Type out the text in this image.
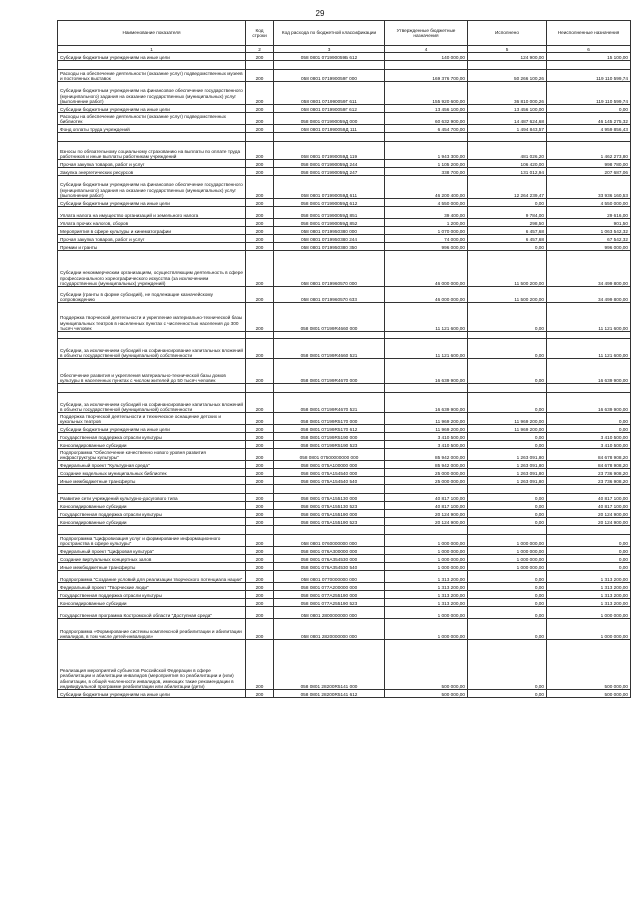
29
Наименование показателя	Код строки	Код расхода по бюджетной классификации	Утвержденные бюджетные назначения	Исполнено	Неисполненные назначения
1	2	3	4	5	6
Субсидии бюджетным учреждениям на иные цели	200	058 0801 071990059Б 612	140 000,00	124 900,00	15 100,00

Расходы на обеспечение деятельности (оказание услуг) подведомственных музеев и постоянных выставок	200	058 0801 071990059Г 000	169 376 700,00	50 266 100,26	119 110 599,74
Субсидии бюджетным учреждениям на финансовое обеспечение государственного (муниципального) задания на оказание государственных (муниципальных) услуг (выполнение работ)	200	058 0801 071990059Г 611	155 920 600,00	36 810 000,26	119 110 599,74
Субсидии бюджетным учреждениям на иные цели	200	058 0801 071990059Г 612	13 456 100,00	13 456 100,00	0,00
Расходы на обеспечение деятельности (оказание услуг) подведомственных библиотек	200	058 0801 071990059Д 000	60 632 900,00	14 487 624,68	46 145 275,32
Фонд оплаты труда учреждений	200	058 0801 071990059Д 111	6 454 700,00	1 494 843,57	4 959 856,43

Взносы по обязательному социальному страхованию на выплаты по оплате труда работников и иные выплаты работникам учреждений	200	058 0801 071990059Д 119	1 943 300,00	481 026,20	1 462 273,80
Прочая закупка товаров, работ и услуг	200	058 0801 071990059Д 244	1 105 200,00	106 420,00	998 780,00
Закупка энергетических ресурсов	200	058 0801 071990059Д 247	338 700,00	131 012,94	207 687,06
Субсидии бюджетным учреждениям на финансовое обеспечение государственного (муниципального) задания на оказание государственных (муниципальных) услуг (выполнение работ)	200	058 0801 071990059Д 611	46 200 400,00	12 264 239,47	33 936 160,53
Субсидии бюджетным учреждениям на иные цели	200	058 0801 071990059Д 612	4 550 000,00	0,00	4 550 000,00
Уплата налога на имущество организаций и земельного налога	200	058 0801 071990059Д 851	39 400,00	9 784,00	29 616,00
Уплата прочих налогов, сборов	200	058 0801 071990059Д 852	1 200,00	298,50	901,50
Мероприятия в сфере культуры и кинематографии	200	058 0801 0719950380 000	1 070 000,00	6 457,68	1 063 542,32
Прочая закупка товаров, работ и услуг	200	058 0801 0719950380 244	74 000,00	6 457,68	67 542,32
Премии и гранты	200	058 0801 0719950380 350	996 000,00	0,00	996 000,00
Субсидии некоммерческим организациям, осуществляющим деятельность в сфере профессионального хореографического искусства (за исключением государственных (муниципальных) учреждений)	200	058 0801 0719960570 000	46 000 000,00	11 500 200,00	34 499 800,00
Субсидии (гранты в форме субсидий), не подлежащие казначейскому сопровождению	200	058 0801 0719960570 633	46 000 000,00	11 500 200,00	34 499 800,00
Поддержка творческой деятельности и укрепление материально-технической базы муниципальных театров в населенных пунктах с численностью населения до 300 тысяч человек	200	058 0801 07199R4660 000	11 121 600,00	0,00	11 121 600,00

Субсидии, за исключением субсидий на софинансирование капитальных вложений в объекты государственной (муниципальной) собственности	200	058 0801 07199R4660 521	11 121 600,00	0,00	11 121 600,00
Обеспечение развития и укрепления материально-технической базы домов культуры в населенных пунктах с числом жителей до 50 тысяч человек	200	058 0801 07199R4670 000	16 639 900,00	0,00	16 639 900,00

Субсидии, за исключением субсидий на софинансирование капитальных вложений в объекты государственной (муниципальной) собственности	200	058 0801 07199R4670 521	16 639 900,00	0,00	16 639 900,00
Поддержка творческой деятельности и техническое оснащение детских и кукольных театров	200	058 0801 07199R5170 000	11 969 200,00	11 969 200,00	0,00
Субсидии бюджетным учреждениям на иные цели	200	058 0801 07199R5170 612	11 969 200,00	11 969 200,00	0,00
Государственная поддержка отрасли культуры	200	058 0801 07199R5190 000	3 410 500,00	0,00	3 410 500,00
Консолидированные субсидии	200	058 0801 07199R5190 523	3 410 500,00	0,00	3 410 500,00
Подпрограмма "Обеспечение качественно нового уровня развития инфраструктуры культуры"	200	058 0801 07500000000 000	85 942 000,00	1 263 091,80	84 678 908,20
Федеральный проект "Культурная среда"	200	058 0801 075A100000 000	85 942 000,00	1 263 091,80	84 678 908,20
Создание модельных муниципальных библиотек	200	058 0801 075A154540 000	25 000 000,00	1 263 091,80	23 736 908,20
Иные межбюджетные трансферты	200	058 0801 075A154540 540	25 000 000,00	1 263 091,80	23 736 908,20

Развитие сети учреждений культурно-досугового типа	200	058 0801 075A155130 000	40 817 100,00	0,00	40 817 100,00
Консолидированные субсидии	200	058 0801 075A155130 523	40 817 100,00	0,00	40 817 100,00
Государственная поддержка отрасли культуры	200	058 0801 075A155190 000	20 124 900,00	0,00	20 124 900,00
Консолидированные субсидии	200	058 0801 075A155190 523	20 124 900,00	0,00	20 124 900,00

Подпрограмма "Цифровизация услуг и формирование информационного пространства в сфере культуры"	200	058 0801 0760000000 000	1 000 000,00	1 000 000,00	0,00
Федеральный проект "Цифровая культура"	200	058 0801 076A300000 000	1 000 000,00	1 000 000,00	0,00
Создание виртуальных концертных залов	200	058 0801 076A354530 000	1 000 000,00	1 000 000,00	0,00
Иные межбюджетные трансферты	200	058 0801 076A354530 540	1 000 000,00	1 000 000,00	0,00
Подпрограмма "Создание условий для реализации творческого потенциала нации"	200	058 0801 0770000000 000	1 313 200,00	0,00	1 313 200,00
Федеральный проект "Творческие люди"	200	058 0801 077A200000 000	1 313 200,00	0,00	1 313 200,00
Государственная поддержка отрасли культуры	200	058 0801 077A255190 000	1 313 200,00	0,00	1 313 200,00
Консолидированные субсидии	200	058 0801 077A255190 523	1 313 200,00	0,00	1 313 200,00
Государственная программа Костромской области "Доступная среда"	200	058 0801 2800000000 000	1 000 000,00	0,00	1 000 000,00
Подпрограмма «Формирование системы комплексной реабилитации и абилитации инвалидов, в том числе детей-инвалидов»	200	058 0801 2820000000 000	1 000 000,00	0,00	1 000 000,00
Реализация мероприятий субъектов Российской Федерации в сфере реабилитации и абилитации инвалидов (мероприятия по реабилитации и (или) абилитации, в общей численности инвалидов, имеющих такие рекомендации в индивидуальной программе реабилитации или абилитации (дети)	200	058 0801 28200R5141 000	500 000,00	0,00	500 000,00
Субсидии бюджетным учреждениям на иные цели	200	058 0801 28200R5141 612	500 000,00	0,00	500 000,00
